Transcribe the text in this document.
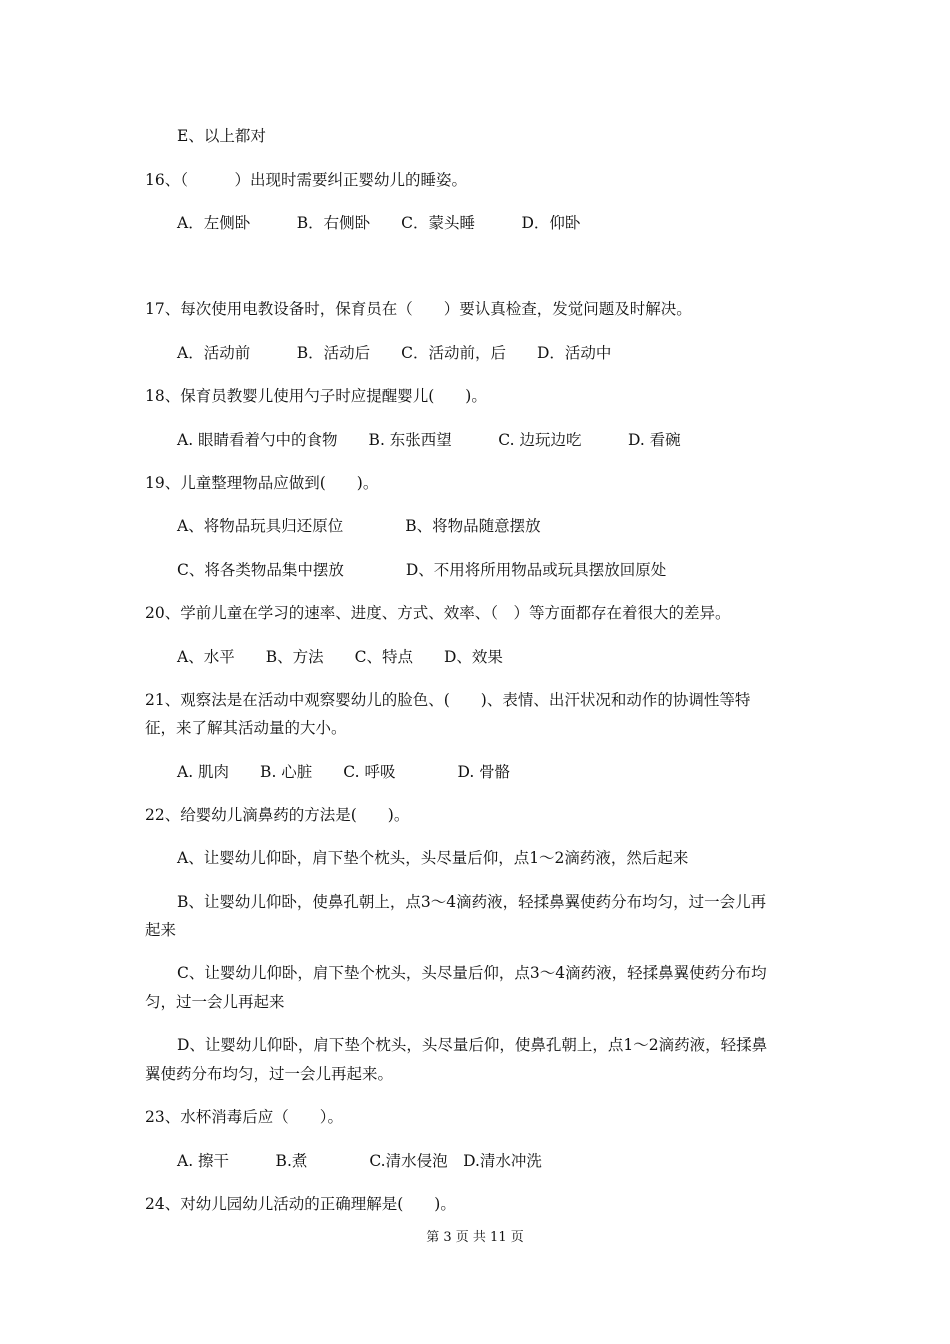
E、以上都对
16、（　　　）出现时需要纠正婴幼儿的睡姿。
A．左侧卧　　　B．右侧卧　　C．蒙头睡　　　D．仰卧
17、每次使用电教设备时，保育员在（　　）要认真检查，发觉问题及时解决。
A．活动前　　　B．活动后　　C．活动前，后　　D．活动中
18、保育员教婴儿使用勺子时应提醒婴儿(　　)。
A. 眼睛看着勺中的食物　　B. 东张西望　　　C. 边玩边吃　　　D. 看碗
19、儿童整理物品应做到(　　)。
A、将物品玩具归还原位　　　　B、将物品随意摆放
C、将各类物品集中摆放　　　　D、不用将所用物品或玩具摆放回原处
20、学前儿童在学习的速率、进度、方式、效率、（　）等方面都存在着很大的差异。
A、水平　　B、方法　　C、特点　　D、效果
21、观察法是在活动中观察婴幼儿的脸色、(　　)、表情、出汗状况和动作的协调性等特
征，来了解其活动量的大小。
A. 肌肉　　B. 心脏　　C. 呼吸　　　　D. 骨骼
22、给婴幼儿滴鼻药的方法是(　　)。
A、让婴幼儿仰卧，肩下垫个枕头，头尽量后仰，点1～2滴药液，然后起来
B、让婴幼儿仰卧，使鼻孔朝上，点3～4滴药液，轻揉鼻翼使药分布均匀，过一会儿再
起来
C、让婴幼儿仰卧，肩下垫个枕头，头尽量后仰，点3～4滴药液，轻揉鼻翼使药分布均
匀，过一会儿再起来
D、让婴幼儿仰卧，肩下垫个枕头，头尽量后仰，使鼻孔朝上，点1～2滴药液，轻揉鼻
翼使药分布均匀，过一会儿再起来。
23、水杯消毒后应（　　）。
A. 擦干　　　B.煮　　　　C.清水侵泡　D.清水冲洗
24、对幼儿园幼儿活动的正确理解是(　　)。
第 3 页 共 11 页
